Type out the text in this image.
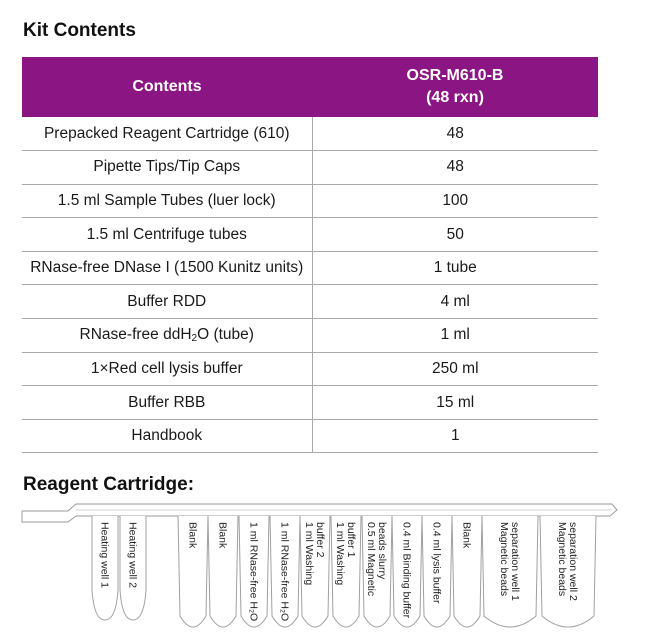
Kit Contents
Contents	OSR-M610-B
(48 rxn)
Prepacked Reagent Cartridge (610)	48
Pipette Tips/Tip Caps	48
1.5 ml Sample Tubes (luer lock)	100
1.5 ml Centrifuge tubes	50
RNase-free DNase I (1500 Kunitz units)	1 tube
Buffer RDD	4 ml
RNase-free ddH$_2$O (tube)	1 ml
1×Red cell lysis buffer	250 ml
Buffer RBB	15 ml
Handbook	1
Reagent Cartridge:
Heating well 1 Heating well 2	Blank Blank 1 ml RNase-free H₂O 1 ml RNase-free H₂O 1 ml Washing buffer 2 1 ml Washing buffer 1 0.5 ml Magnetic beads slurry 0.4 ml Binding buffer 0.4 ml lysis buffer Blank Magnetic beads separation well 1	Magnetic beads separation well 2
